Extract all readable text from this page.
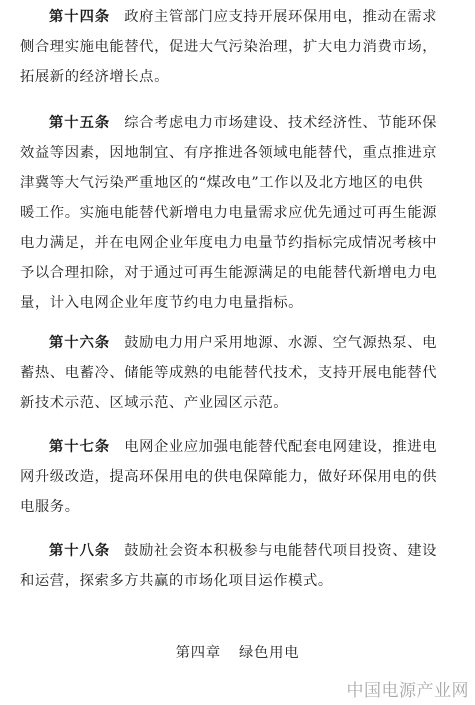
第十四条 政府主管部门应支持开展环保用电，推动在需求
侧合理实施电能替代，促进大气污染治理，扩大电力消费市场，
拓展新的经济增长点。
第十五条 综合考虑电力市场建设、技术经济性、节能环保
效益等因素，因地制宜、有序推进各领域电能替代，重点推进京
津冀等大气污染严重地区的“煤改电”工作以及北方地区的电供
暖工作。实施电能替代新增电力电量需求应优先通过可再生能源
电力满足，并在电网企业年度电力电量节约指标完成情况考核中
予以合理扣除，对于通过可再生能源满足的电能替代新增电力电
量，计入电网企业年度节约电力电量指标。
第十六条 鼓励电力用户采用地源、水源、空气源热泵、电
蓄热、电蓄冷、储能等成熟的电能替代技术，支持开展电能替代
新技术示范、区域示范、产业园区示范。
第十七条 电网企业应加强电能替代配套电网建设，推进电
网升级改造，提高环保用电的供电保障能力，做好环保用电的供
电服务。
第十八条 鼓励社会资本积极参与电能替代项目投资、建设
和运营，探索多方共赢的市场化项目运作模式。
第四章 绿色用电
中国电源产业网
